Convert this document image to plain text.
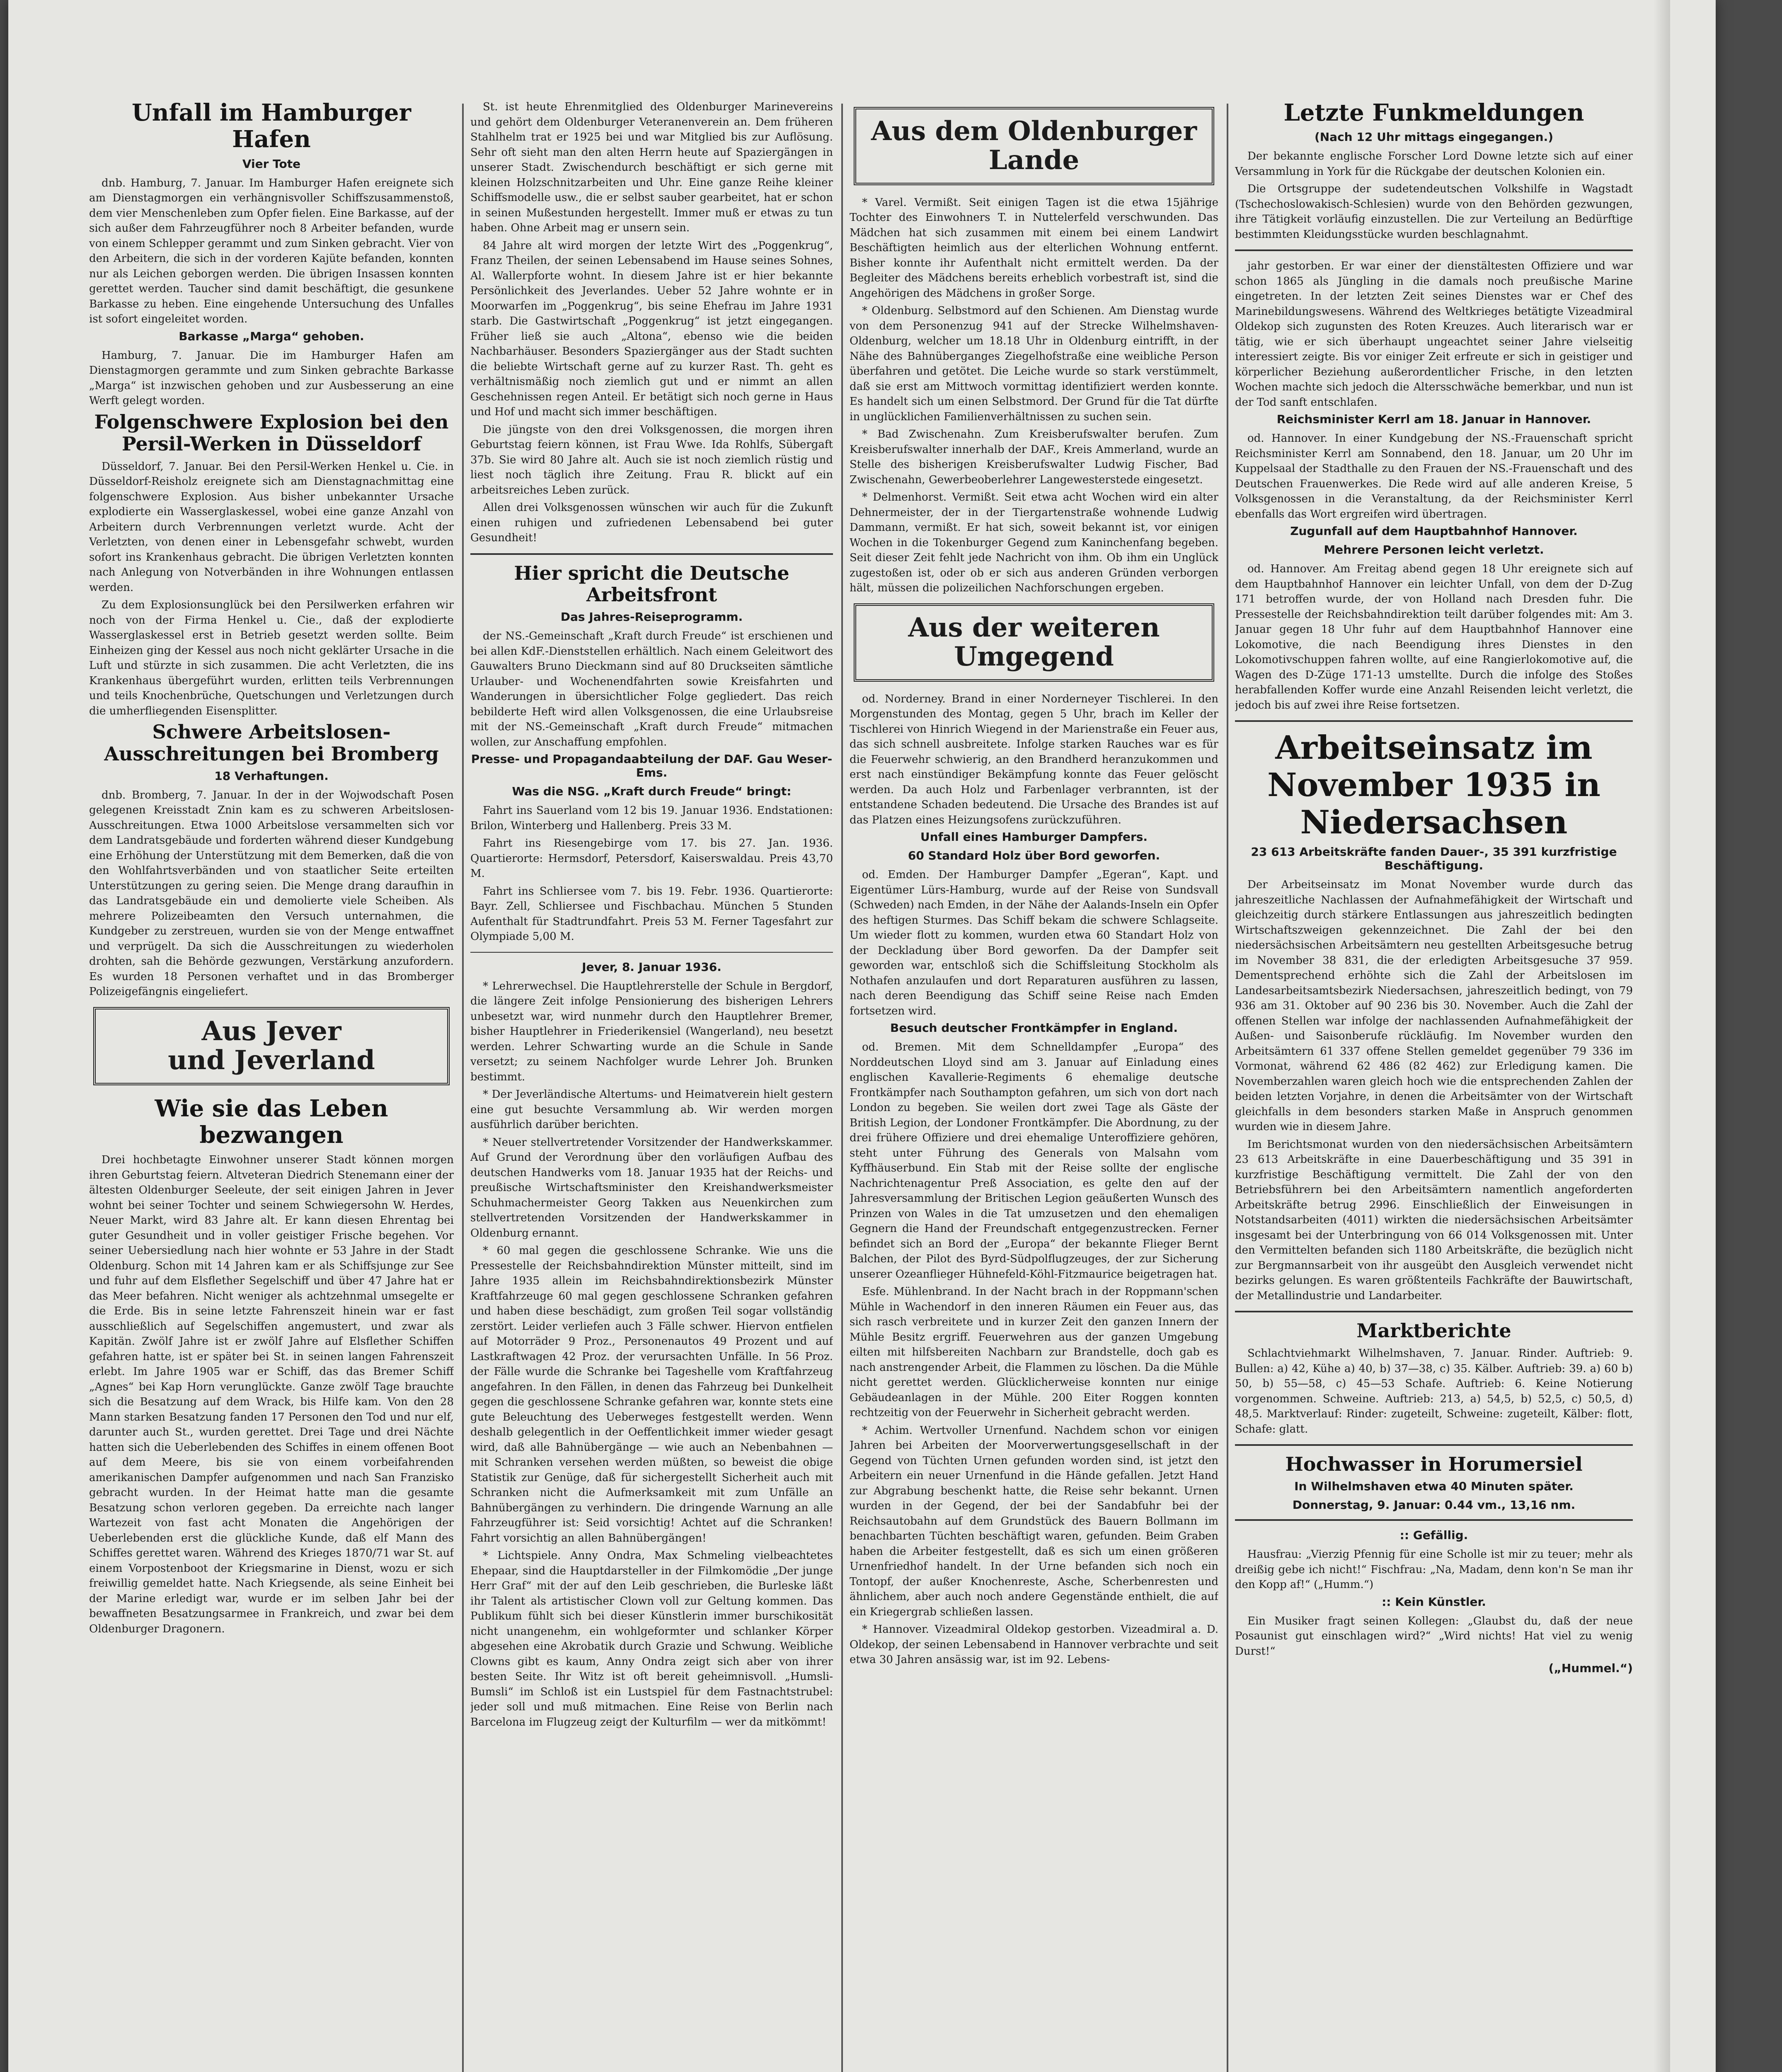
Unfall im Hamburger Hafen
Vier Tote

dnb. Hamburg, 7. Januar. Im Hamburger Hafen ereignete sich am Dienstagmorgen ein verhängnisvoller Schiffszusammenstoß, dem vier Menschenleben zum Opfer fielen. Eine Barkasse, auf der sich außer dem Fahrzeugführer noch 8 Arbeiter befanden, wurde von einem Schlepper gerammt und zum Sinken gebracht. Vier von den Arbeitern, die sich in der vorderen Kajüte befanden, konnten nur als Leichen geborgen werden. Die übrigen Insassen konnten gerettet werden. Taucher sind damit beschäftigt, die gesunkene Barkasse zu heben. Eine eingehende Untersuchung des Unfalles ist sofort eingeleitet worden.

Barkasse „Marga“ gehoben.

Hamburg, 7. Januar. Die im Hamburger Hafen am Dienstagmorgen gerammte und zum Sinken gebrachte Barkasse „Marga“ ist inzwischen gehoben und zur Ausbesserung an eine Werft gelegt worden.

Folgenschwere Explosion bei den Persil-Werken in Düsseldorf

Düsseldorf, 7. Januar. Bei den Persil-Werken Henkel u. Cie. in Düsseldorf-Reisholz ereignete sich am Dienstagnachmittag eine folgenschwere Explosion. Aus bisher unbekannter Ursache explodierte ein Wasserglaskessel, wobei eine ganze Anzahl von Arbeitern durch Verbrennungen verletzt wurde. Acht der Verletzten, von denen einer in Lebensgefahr schwebt, wurden sofort ins Krankenhaus gebracht. Die übrigen Verletzten konnten nach Anlegung von Notverbänden in ihre Wohnungen entlassen werden.

Zu dem Explosionsunglück bei den Persilwerken erfahren wir noch von der Firma Henkel u. Cie., daß der explodierte Wasserglaskessel erst in Betrieb gesetzt werden sollte. Beim Einheizen ging der Kessel aus noch nicht geklärter Ursache in die Luft und stürzte in sich zusammen. Die acht Verletzten, die ins Krankenhaus übergeführt wurden, erlitten teils Verbrennungen und teils Knochenbrüche, Quetschungen und Verletzungen durch die umherfliegenden Eisensplitter.

Schwere Arbeitslosen-Ausschreitungen bei Bromberg
18 Verhaftungen.

dnb. Bromberg, 7. Januar. In der in der Wojwodschaft Posen gelegenen Kreisstadt Znin kam es zu schweren Arbeitslosen-Ausschreitungen. Etwa 1000 Arbeitslose versammelten sich vor dem Landratsgebäude und forderten während dieser Kundgebung eine Erhöhung der Unterstützung mit dem Bemerken, daß die von den Wohlfahrtsverbänden und von staatlicher Seite erteilten Unterstützungen zu gering seien. Die Menge drang daraufhin in das Landratsgebäude ein und demolierte viele Scheiben. Als mehrere Polizeibeamten den Versuch unternahmen, die Kundgeber zu zerstreuen, wurden sie von der Menge entwaffnet und verprügelt. Da sich die Ausschreitungen zu wiederholen drohten, sah die Behörde gezwungen, Verstärkung anzufordern. Es wurden 18 Personen verhaftet und in das Bromberger Polizeigefängnis eingeliefert.

Aus Jever
und Jeverland
Wie sie das Leben bezwangen

Drei hochbetagte Einwohner unserer Stadt können morgen ihren Geburtstag feiern. Altveteran Diedrich Stenemann einer der ältesten Oldenburger Seeleute, der seit einigen Jahren in Jever wohnt bei seiner Tochter und seinem Schwiegersohn W. Herdes, Neuer Markt, wird 83 Jahre alt. Er kann diesen Ehrentag bei guter Gesundheit und in voller geistiger Frische begehen. Vor seiner Uebersiedlung nach hier wohnte er 53 Jahre in der Stadt Oldenburg. Schon mit 14 Jahren kam er als Schiffsjunge zur See und fuhr auf dem Elsflether Segelschiff und über 47 Jahre hat er das Meer befahren. Nicht weniger als achtzehnmal umsegelte er die Erde. Bis in seine letzte Fahrenszeit hinein war er fast ausschließlich auf Segelschiffen angemustert, und zwar als Kapitän. Zwölf Jahre ist er zwölf Jahre auf Elsflether Schiffen gefahren hatte, ist er später bei St. in seinen langen Fahrenszeit erlebt. Im Jahre 1905 war er Schiff, das das Bremer Schiff „Agnes“ bei Kap Horn verunglückte. Ganze zwölf Tage brauchte sich die Besatzung auf dem Wrack, bis Hilfe kam. Von den 28 Mann starken Besatzung fanden 17 Personen den Tod und nur elf, darunter auch St., wurden gerettet. Drei Tage und drei Nächte hatten sich die Ueberlebenden des Schiffes in einem offenen Boot auf dem Meere, bis sie von einem vorbeifahrenden amerikanischen Dampfer aufgenommen und nach San Franzisko gebracht wurden. In der Heimat hatte man die gesamte Besatzung schon verloren gegeben. Da erreichte nach langer Wartezeit von fast acht Monaten die Angehörigen der Ueberlebenden erst die glückliche Kunde, daß elf Mann des Schiffes gerettet waren. Während des Krieges 1870/71 war St. auf einem Vorpostenboot der Kriegsmarine in Dienst, wozu er sich freiwillig gemeldet hatte. Nach Kriegsende, als seine Einheit bei der Marine erledigt war, wurde er im selben Jahr bei der bewaffneten Besatzungsarmee in Frankreich, und zwar bei dem Oldenburger Dragonern.

St. ist heute Ehrenmitglied des Oldenburger Marinevereins und gehört dem Oldenburger Veteranenverein an. Dem früheren Stahlhelm trat er 1925 bei und war Mitglied bis zur Auflösung. Sehr oft sieht man den alten Herrn heute auf Spaziergängen in unserer Stadt. Zwischendurch beschäftigt er sich gerne mit kleinen Holzschnitzarbeiten und Uhr. Eine ganze Reihe kleiner Schiffsmodelle usw., die er selbst sauber gearbeitet, hat er schon in seinen Mußestunden hergestellt. Immer muß er etwas zu tun haben. Ohne Arbeit mag er unsern sein.

84 Jahre alt wird morgen der letzte Wirt des „Poggenkrug“, Franz Theilen, der seinen Lebensabend im Hause seines Sohnes, Al. Wallerpforte wohnt. In diesem Jahre ist er hier bekannte Persönlichkeit des Jeverlandes. Ueber 52 Jahre wohnte er in Moorwarfen im „Poggenkrug“, bis seine Ehefrau im Jahre 1931 starb. Die Gastwirtschaft „Poggenkrug“ ist jetzt eingegangen. Früher ließ sie auch „Altona“, ebenso wie die beiden Nachbarhäuser. Besonders Spaziergänger aus der Stadt suchten die beliebte Wirtschaft gerne auf zu kurzer Rast. Th. geht es verhältnismäßig noch ziemlich gut und er nimmt an allen Geschehnissen regen Anteil. Er betätigt sich noch gerne in Haus und Hof und macht sich immer beschäftigen.

Die jüngste von den drei Volksgenossen, die morgen ihren Geburtstag feiern können, ist Frau Wwe. Ida Rohlfs, Sübergaft 37b. Sie wird 80 Jahre alt. Auch sie ist noch ziemlich rüstig und liest noch täglich ihre Zeitung. Frau R. blickt auf ein arbeitsreiches Leben zurück.

Allen drei Volksgenossen wünschen wir auch für die Zukunft einen ruhigen und zufriedenen Lebensabend bei guter Gesundheit!

Hier spricht die Deutsche Arbeitsfront
Das Jahres-Reiseprogramm.

der NS.-Gemeinschaft „Kraft durch Freude“ ist erschienen und bei allen KdF.-Dienststellen erhältlich. Nach einem Geleitwort des Gauwalters Bruno Dieckmann sind auf 80 Druckseiten sämtliche Urlauber- und Wochenendfahrten sowie Kreisfahrten und Wanderungen in übersichtlicher Folge gegliedert. Das reich bebilderte Heft wird allen Volksgenossen, die eine Urlaubsreise mit der NS.-Gemeinschaft „Kraft durch Freude“ mitmachen wollen, zur Anschaffung empfohlen.

Presse- und Propagandaabteilung der DAF. Gau Weser-Ems.
Was die NSG. „Kraft durch Freude“ bringt:

Fahrt ins Sauerland vom 12 bis 19. Januar 1936. Endstationen: Brilon, Winterberg und Hallenberg. Preis 33 M.

Fahrt ins Riesengebirge vom 17. bis 27. Jan. 1936. Quartierorte: Hermsdorf, Petersdorf, Kaiserswaldau. Preis 43,70 M.

Fahrt ins Schliersee vom 7. bis 19. Febr. 1936. Quartierorte: Bayr. Zell, Schliersee und Fischbachau. München 5 Stunden Aufenthalt für Stadtrundfahrt. Preis 53 M. Ferner Tagesfahrt zur Olympiade 5,00 M.

Jever, 8. Januar 1936.

* Lehrerwechsel. Die Hauptlehrerstelle der Schule in Bergdorf, die längere Zeit infolge Pensionierung des bisherigen Lehrers unbesetzt war, wird nunmehr durch den Hauptlehrer Bremer, bisher Hauptlehrer in Friederikensiel (Wangerland), neu besetzt werden. Lehrer Schwarting wurde an die Schule in Sande versetzt; zu seinem Nachfolger wurde Lehrer Joh. Brunken bestimmt.

* Der Jeverländische Altertums- und Heimatverein hielt gestern eine gut besuchte Versammlung ab. Wir werden morgen ausführlich darüber berichten.

* Neuer stellvertretender Vorsitzender der Handwerkskammer. Auf Grund der Verordnung über den vorläufigen Aufbau des deutschen Handwerks vom 18. Januar 1935 hat der Reichs- und preußische Wirtschaftsminister den Kreishandwerksmeister Schuhmachermeister Georg Takken aus Neuenkirchen zum stellvertretenden Vorsitzenden der Handwerkskammer in Oldenburg ernannt.

* 60 mal gegen die geschlossene Schranke. Wie uns die Pressestelle der Reichsbahndirektion Münster mitteilt, sind im Jahre 1935 allein im Reichsbahndirektionsbezirk Münster Kraftfahrzeuge 60 mal gegen geschlossene Schranken gefahren und haben diese beschädigt, zum großen Teil sogar vollständig zerstört. Leider verliefen auch 3 Fälle schwer. Hiervon entfielen auf Motorräder 9 Proz., Personenautos 49 Prozent und auf Lastkraftwagen 42 Proz. der verursachten Unfälle. In 56 Proz. der Fälle wurde die Schranke bei Tageshelle vom Kraftfahrzeug angefahren. In den Fällen, in denen das Fahrzeug bei Dunkelheit gegen die geschlossene Schranke gefahren war, konnte stets eine gute Beleuchtung des Ueberweges festgestellt werden. Wenn deshalb gelegentlich in der Oeffentlichkeit immer wieder gesagt wird, daß alle Bahnübergänge — wie auch an Nebenbahnen — mit Schranken versehen werden müßten, so beweist die obige Statistik zur Genüge, daß für sichergestellt Sicherheit auch mit Schranken nicht die Aufmerksamkeit mit zum Unfälle an Bahnübergängen zu verhindern. Die dringende Warnung an alle Fahrzeugführer ist: Seid vorsichtig! Achtet auf die Schranken! Fahrt vorsichtig an allen Bahnübergängen!

* Lichtspiele. Anny Ondra, Max Schmeling vielbeachtetes Ehepaar, sind die Hauptdarsteller in der Filmkomödie „Der junge Herr Graf“ mit der auf den Leib geschrieben, die Burleske läßt ihr Talent als artistischer Clown voll zur Geltung kommen. Das Publikum fühlt sich bei dieser Künstlerin immer burschikosität nicht unangenehm, ein wohlgeformter und schlanker Körper abgesehen eine Akrobatik durch Grazie und Schwung. Weibliche Clowns gibt es kaum, Anny Ondra zeigt sich aber von ihrer besten Seite. Ihr Witz ist oft bereit geheimnisvoll. „Humsli-Bumsli“ im Schloß ist ein Lustspiel für dem Fastnachtstrubel: jeder soll und muß mitmachen. Eine Reise von Berlin nach Barcelona im Flugzeug zeigt der Kulturfilm — wer da mitkömmt!

Aus dem Oldenburger
Lande

* Varel. Vermißt. Seit einigen Tagen ist die etwa 15jährige Tochter des Einwohners T. in Nuttelerfeld verschwunden. Das Mädchen hat sich zusammen mit einem bei einem Landwirt Beschäftigten heimlich aus der elterlichen Wohnung entfernt. Bisher konnte ihr Aufenthalt nicht ermittelt werden. Da der Begleiter des Mädchens bereits erheblich vorbestraft ist, sind die Angehörigen des Mädchens in großer Sorge.

* Oldenburg. Selbstmord auf den Schienen. Am Dienstag wurde von dem Personenzug 941 auf der Strecke Wilhelmshaven-Oldenburg, welcher um 18.18 Uhr in Oldenburg eintrifft, in der Nähe des Bahnüberganges Ziegelhofstraße eine weibliche Person überfahren und getötet. Die Leiche wurde so stark verstümmelt, daß sie erst am Mittwoch vormittag identifiziert werden konnte. Es handelt sich um einen Selbstmord. Der Grund für die Tat dürfte in unglücklichen Familienverhältnissen zu suchen sein.

* Bad Zwischenahn. Zum Kreisberufswalter berufen. Zum Kreisberufswalter innerhalb der DAF., Kreis Ammerland, wurde an Stelle des bisherigen Kreisberufswalter Ludwig Fischer, Bad Zwischenahn, Gewerbeoberlehrer Langewesterstede eingesetzt.

* Delmenhorst. Vermißt. Seit etwa acht Wochen wird ein alter Dehnermeister, der in der Tiergartenstraße wohnende Ludwig Dammann, vermißt. Er hat sich, soweit bekannt ist, vor einigen Wochen in die Tokenburger Gegend zum Kaninchenfang begeben. Seit dieser Zeit fehlt jede Nachricht von ihm. Ob ihm ein Unglück zugestoßen ist, oder ob er sich aus anderen Gründen verborgen hält, müssen die polizeilichen Nachforschungen ergeben.

Aus der weiteren
Umgegend

od. Norderney. Brand in einer Norderneyer Tischlerei. In den Morgenstunden des Montag, gegen 5 Uhr, brach im Keller der Tischlerei von Hinrich Wiegend in der Marienstraße ein Feuer aus, das sich schnell ausbreitete. Infolge starken Rauches war es für die Feuerwehr schwierig, an den Brandherd heranzukommen und erst nach einstündiger Bekämpfung konnte das Feuer gelöscht werden. Da auch Holz und Farbenlager verbrannten, ist der entstandene Schaden bedeutend. Die Ursache des Brandes ist auf das Platzen eines Heizungsofens zurückzuführen.

Unfall eines Hamburger Dampfers.
60 Standard Holz über Bord geworfen.

od. Emden. Der Hamburger Dampfer „Egeran“, Kapt. und Eigentümer Lürs-Hamburg, wurde auf der Reise von Sundsvall (Schweden) nach Emden, in der Nähe der Aalands-Inseln ein Opfer des heftigen Sturmes. Das Schiff bekam die schwere Schlagseite. Um wieder flott zu kommen, wurden etwa 60 Standart Holz von der Deckladung über Bord geworfen. Da der Dampfer seit geworden war, entschloß sich die Schiffsleitung Stockholm als Nothafen anzulaufen und dort Reparaturen ausführen zu lassen, nach deren Beendigung das Schiff seine Reise nach Emden fortsetzen wird.

Besuch deutscher Frontkämpfer in England.

od. Bremen. Mit dem Schnelldampfer „Europa“ des Norddeutschen Lloyd sind am 3. Januar auf Einladung eines englischen Kavallerie-Regiments 6 ehemalige deutsche Frontkämpfer nach Southampton gefahren, um sich von dort nach London zu begeben. Sie weilen dort zwei Tage als Gäste der British Legion, der Londoner Frontkämpfer. Die Abordnung, zu der drei frühere Offiziere und drei ehemalige Unteroffiziere gehören, steht unter Führung des Generals von Malsahn vom Kyffhäuserbund. Ein Stab mit der Reise sollte der englische Nachrichtenagentur Preß Association, es gelte den auf der Jahresversammlung der Britischen Legion geäußerten Wunsch des Prinzen von Wales in die Tat umzusetzen und den ehemaligen Gegnern die Hand der Freundschaft entgegenzustrecken. Ferner befindet sich an Bord der „Europa“ der bekannte Flieger Bernt Balchen, der Pilot des Byrd-Südpolflugzeuges, der zur Sicherung unserer Ozeanflieger Hühnefeld-Köhl-Fitzmaurice beigetragen hat.

Esfe. Mühlenbrand. In der Nacht brach in der Roppmann'schen Mühle in Wachendorf in den inneren Räumen ein Feuer aus, das sich rasch verbreitete und in kurzer Zeit den ganzen Innern der Mühle Besitz ergriff. Feuerwehren aus der ganzen Umgebung eilten mit hilfsbereiten Nachbarn zur Brandstelle, doch gab es nach anstrengender Arbeit, die Flammen zu löschen. Da die Mühle nicht gerettet werden. Glücklicherweise konnten nur einige Gebäudeanlagen in der Mühle. 200 Eiter Roggen konnten rechtzeitig von der Feuerwehr in Sicherheit gebracht werden.

* Achim. Wertvoller Urnenfund. Nachdem schon vor einigen Jahren bei Arbeiten der Moorverwertungsgesellschaft in der Gegend von Tüchten Urnen gefunden worden sind, ist jetzt den Arbeitern ein neuer Urnenfund in die Hände gefallen. Jetzt Hand zur Abgrabung beschenkt hatte, die Reise sehr bekannt. Urnen wurden in der Gegend, der bei der Sandabfuhr bei der Reichsautobahn auf dem Grundstück des Bauern Bollmann im benachbarten Tüchten beschäftigt waren, gefunden. Beim Graben haben die Arbeiter festgestellt, daß es sich um einen größeren Urnenfriedhof handelt. In der Urne befanden sich noch ein Tontopf, der außer Knochenreste, Asche, Scherbenresten und ähnlichem, aber auch noch andere Gegenstände enthielt, die auf ein Kriegergrab schließen lassen.

* Hannover. Vizeadmiral Oldekop gestorben. Vizeadmiral a. D. Oldekop, der seinen Lebensabend in Hannover verbrachte und seit etwa 30 Jahren ansässig war, ist im 92. Lebens-

Letzte Funkmeldungen
(Nach 12 Uhr mittags eingegangen.)

Der bekannte englische Forscher Lord Downe letzte sich auf einer Versammlung in York für die Rückgabe der deutschen Kolonien ein.

Die Ortsgruppe der sudetendeutschen Volkshilfe in Wagstadt (Tschechoslowakisch-Schlesien) wurde von den Behörden gezwungen, ihre Tätigkeit vorläufig einzustellen. Die zur Verteilung an Bedürftige bestimmten Kleidungsstücke wurden beschlagnahmt.

jahr gestorben. Er war einer der dienstältesten Offiziere und war schon 1865 als Jüngling in die damals noch preußische Marine eingetreten. In der letzten Zeit seines Dienstes war er Chef des Marinebildungswesens. Während des Weltkrieges betätigte Vizeadmiral Oldekop sich zugunsten des Roten Kreuzes. Auch literarisch war er tätig, wie er sich überhaupt ungeachtet seiner Jahre vielseitig interessiert zeigte. Bis vor einiger Zeit erfreute er sich in geistiger und körperlicher Beziehung außerordentlicher Frische, in den letzten Wochen machte sich jedoch die Altersschwäche bemerkbar, und nun ist der Tod sanft entschlafen.

Reichsminister Kerrl am 18. Januar in Hannover.

od. Hannover. In einer Kundgebung der NS.-Frauenschaft spricht Reichsminister Kerrl am Sonnabend, den 18. Januar, um 20 Uhr im Kuppelsaal der Stadthalle zu den Frauen der NS.-Frauenschaft und des Deutschen Frauenwerkes. Die Rede wird auf alle anderen Kreise, 5 Volksgenossen in die Veranstaltung, da der Reichsminister Kerrl ebenfalls das Wort ergreifen wird übertragen.

Zugunfall auf dem Hauptbahnhof Hannover.
Mehrere Personen leicht verletzt.

od. Hannover. Am Freitag abend gegen 18 Uhr ereignete sich auf dem Hauptbahnhof Hannover ein leichter Unfall, von dem der D-Zug 171 betroffen wurde, der von Holland nach Dresden fuhr. Die Pressestelle der Reichsbahndirektion teilt darüber folgendes mit: Am 3. Januar gegen 18 Uhr fuhr auf dem Hauptbahnhof Hannover eine Lokomotive, die nach Beendigung ihres Dienstes in den Lokomotivschuppen fahren wollte, auf eine Rangierlokomotive auf, die Wagen des D-Züge 171-13 umstellte. Durch die infolge des Stoßes herabfallenden Koffer wurde eine Anzahl Reisenden leicht verletzt, die jedoch bis auf zwei ihre Reise fortsetzen.

Arbeitseinsatz im November 1935 in Niedersachsen
23 613 Arbeitskräfte fanden Dauer-, 35 391 kurzfristige Beschäftigung.

Der Arbeitseinsatz im Monat November wurde durch das jahreszeitliche Nachlassen der Aufnahmefähigkeit der Wirtschaft und gleichzeitig durch stärkere Entlassungen aus jahreszeitlich bedingten Wirtschaftszweigen gekennzeichnet. Die Zahl der bei den niedersächsischen Arbeitsämtern neu gestellten Arbeitsgesuche betrug im November 38 831, die der erledigten Arbeitsgesuche 37 959. Dementsprechend erhöhte sich die Zahl der Arbeitslosen im Landesarbeitsamtsbezirk Niedersachsen, jahreszeitlich bedingt, von 79 936 am 31. Oktober auf 90 236 bis 30. November. Auch die Zahl der offenen Stellen war infolge der nachlassenden Aufnahmefähigkeit der Außen- und Saisonberufe rückläufig. Im November wurden den Arbeitsämtern 61 337 offene Stellen gemeldet gegenüber 79 336 im Vormonat, während 62 486 (82 462) zur Erledigung kamen. Die Novemberzahlen waren gleich hoch wie die entsprechenden Zahlen der beiden letzten Vorjahre, in denen die Arbeitsämter von der Wirtschaft gleichfalls in dem besonders starken Maße in Anspruch genommen wurden wie in diesem Jahre.

Im Berichtsmonat wurden von den niedersächsischen Arbeitsämtern 23 613 Arbeitskräfte in eine Dauerbeschäftigung und 35 391 in kurzfristige Beschäftigung vermittelt. Die Zahl der von den Betriebsführern bei den Arbeitsämtern namentlich angeforderten Arbeitskräfte betrug 2996. Einschließlich der Einweisungen in Notstandsarbeiten (4011) wirkten die niedersächsischen Arbeitsämter insgesamt bei der Unterbringung von 66 014 Volksgenossen mit. Unter den Vermittelten befanden sich 1180 Arbeitskräfte, die bezüglich nicht zur Bergmannsarbeit von ihr ausgeübt den Ausgleich verwendet nicht bezirks gelungen. Es waren größtenteils Fachkräfte der Bauwirtschaft, der Metallindustrie und Landarbeiter.

Marktberichte

Schlachtviehmarkt Wilhelmshaven, 7. Januar. Rinder. Auftrieb: 9. Bullen: a) 42, Kühe a) 40, b) 37—38, c) 35. Kälber. Auftrieb: 39. a) 60 b) 50, b) 55—58, c) 45—53 Schafe. Auftrieb: 6. Keine Notierung vorgenommen. Schweine. Auftrieb: 213, a) 54,5, b) 52,5, c) 50,5, d) 48,5. Marktverlauf: Rinder: zugeteilt, Schweine: zugeteilt, Kälber: flott, Schafe: glatt.

Hochwasser in Horumersiel
In Wilhelmshaven etwa 40 Minuten später.
Donnerstag, 9. Januar: 0.44 vm., 13,16 nm.
:: Gefällig.

Hausfrau: „Vierzig Pfennig für eine Scholle ist mir zu teuer; mehr als dreißig gebe ich nicht!“ Fischfrau: „Na, Madam, denn kon'n Se man ihr den Kopp af!“ („Humm.“)

:: Kein Künstler.

Ein Musiker fragt seinen Kollegen: „Glaubst du, daß der neue Posaunist gut einschlagen wird?“ „Wird nichts! Hat viel zu wenig Durst!“

(„Hummel.“)
